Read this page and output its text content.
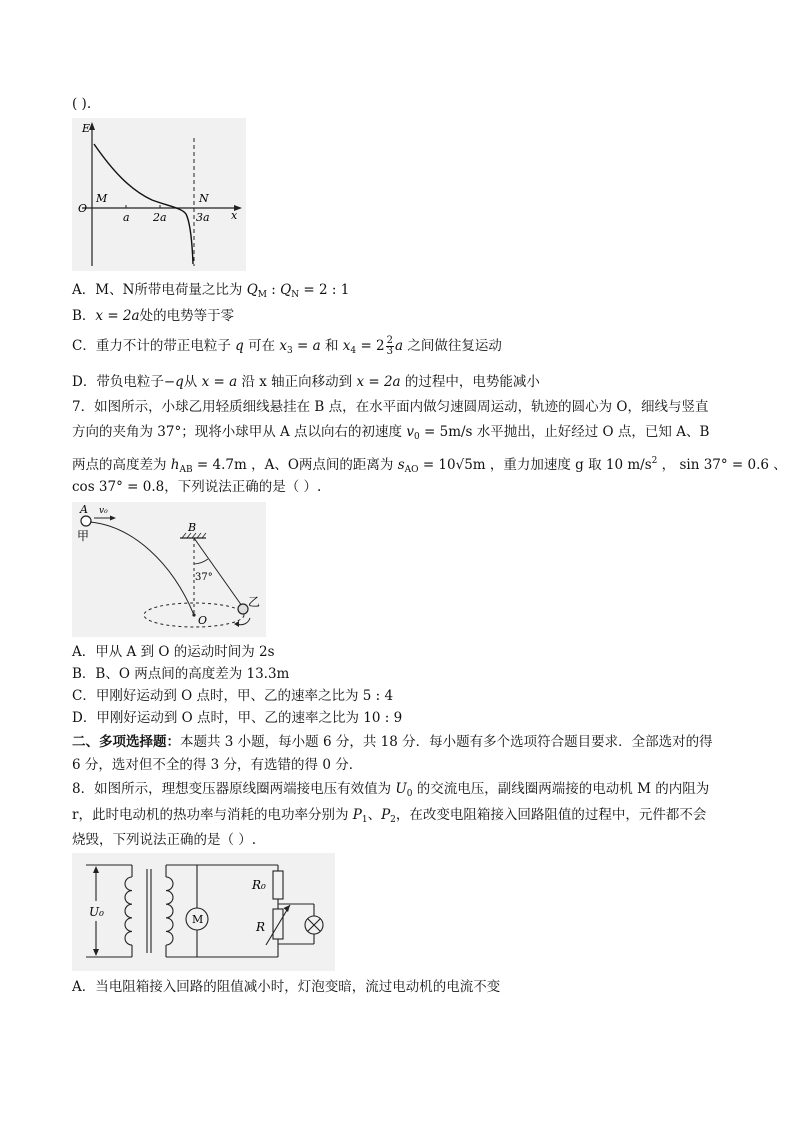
( ).
E
O
M	N
a 2a	3a x
A．M、N所带电荷量之比为 $Q_M$ : $Q_N = 2$ : 1
B．x = 2a处的电势等于零
C．重力不计的带正电粒子 q 可在 $x_3 = a$ 和 $x_4 = 2 \frac{2}{3}$ a 之间做往复运动
D．带负电粒子−q从 x = a 沿 x 轴正向移动到 x = 2a 的过程中，电势能减小
7．如图所示，小球乙用轻质细线悬挂在 B 点，在水平面内做匀速圆周运动，轨迹的圆心为 O，细线与竖直
方向的夹角为 37°；现将小球甲从 A 点以向右的初速度 $v_0 = 5m/s$ 水平抛出，止好经过 O 点，已知 A、B
两点的高度差为 $h_{AB} = 4.7m$ ，A、O两点间的距离为 $s_{AO} = 10√5m$ ，重力加速度 g 取 10 $m/s^2$ ， sin 37° = 0.6 、
cos 37° = 0.8，下列说法正确的是（ ）.
A
甲
v₀
B
37°
O
乙
A．甲从 A 到 O 的运动时间为 2s
B．B、O 两点间的高度差为 13.3m
C．甲刚好运动到 O 点时，甲、乙的速率之比为 5 : 4
D．甲刚好运动到 O 点时，甲、乙的速率之比为 10 : 9
二、多项选择题：本题共 3 小题，每小题 6 分，共 18 分．每小题有多个选项符合题目要求．全部选对的得
6 分，选对但不全的得 3 分，有选错的得 0 分．
8．如图所示，理想变压器原线圈两端接电压有效值为 $U_0$ 的交流电压，副线圈两端接的电动机 M 的内阻为
r，此时电动机的热功率与消耗的电功率分别为 $P_1$、$P_2$，在改变电阻箱接入回路阻值的过程中，元件都不会
烧毁，下列说法正确的是（ ）.
U₀
M
R₀
R
A．当电阻箱接入回路的阻值减小时，灯泡变暗，流过电动机的电流不变
